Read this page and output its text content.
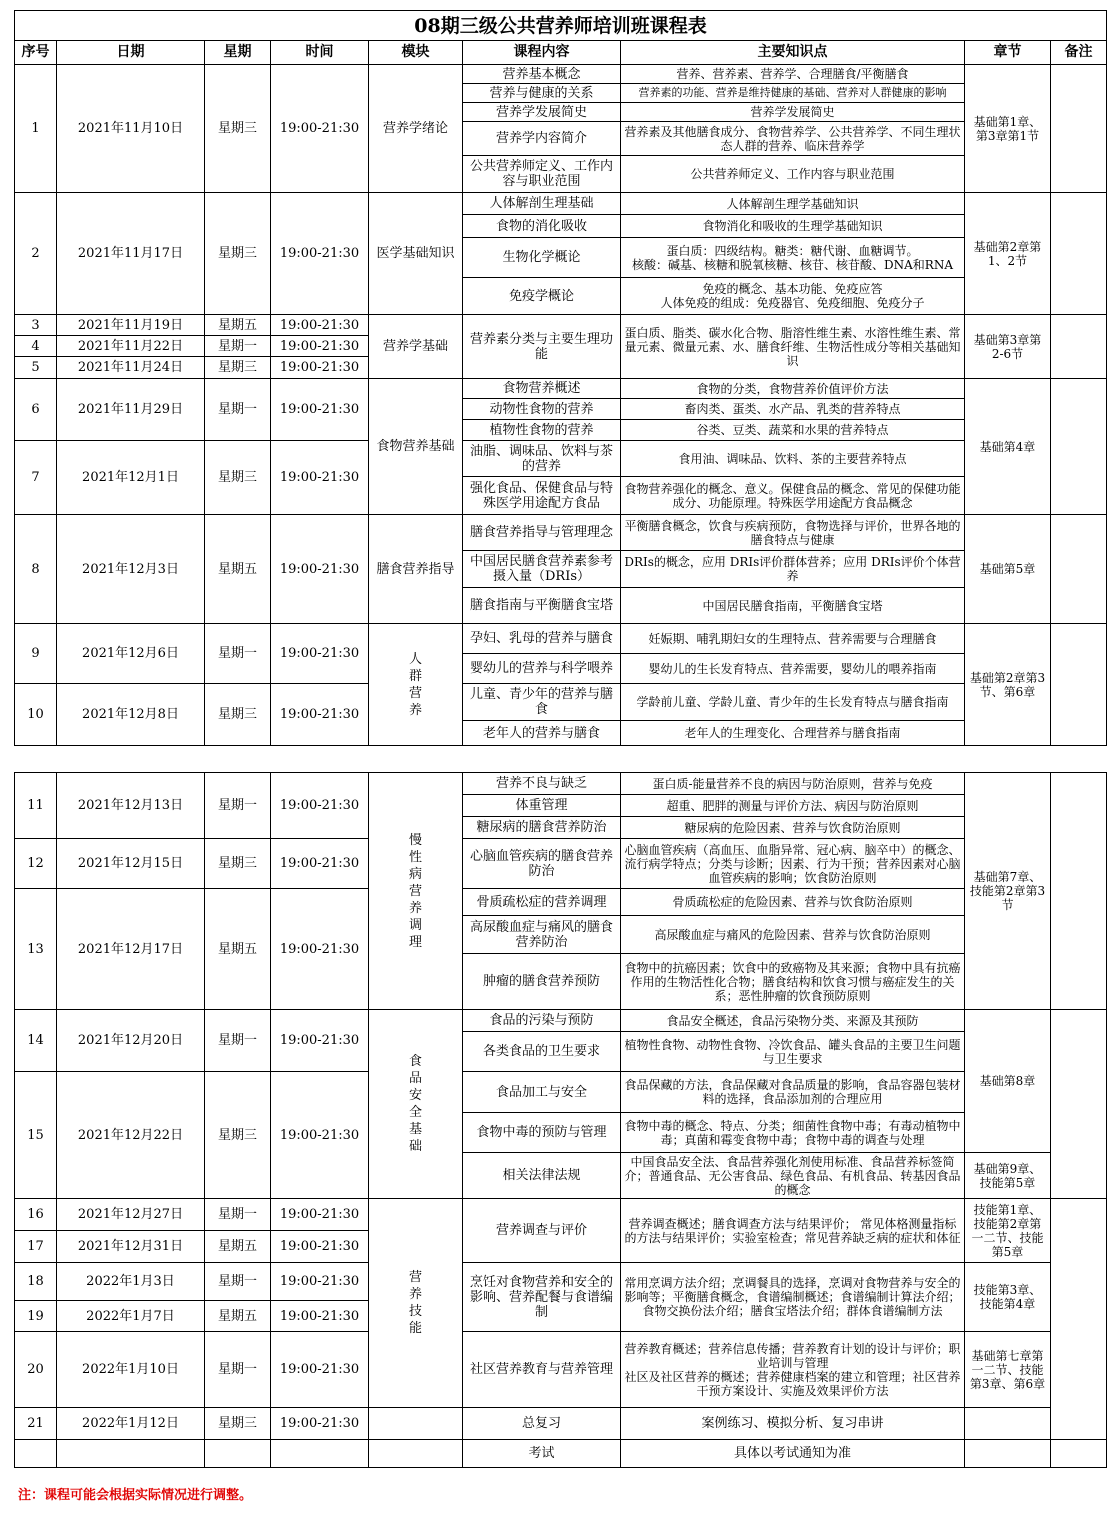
08期三级公共营养师培训班课程表								
序号	日期	星期	时间	模块	课程内容	主要知识点	章节	备注
1	2021年11月10日	星期三	19:00-21:30	营养学绪论	营养基本概念	营养、营养素、营养学、合理膳食/平衡膳食	基础第1章、第3章第1节	
					营养与健康的关系	营养素的功能、营养是维持健康的基础、营养对人群健康的影响		
					营养学发展简史	营养学发展简史		
					营养学内容简介	营养素及其他膳食成分、食物营养学、公共营养学、不同生理状态人群的营养、临床营养学		
					公共营养师定义、工作内容与职业范围	公共营养师定义、工作内容与职业范围		
2	2021年11月17日	星期三	19:00-21:30	医学基础知识	人体解剖生理基础	人体解剖生理学基础知识	基础第2章第1、2节	
					食物的消化吸收	食物消化和吸收的生理学基础知识		
					生物化学概论	蛋白质：四级结构。糖类：糖代谢、血糖调节。
核酸：碱基、核糖和脱氧核糖、核苷、核苷酸、DNA和RNA		

					免疫学概论	免疫的概念、基本功能、免疫应答
人体免疫的组成：免疫器官、免疫细胞、免疫分子		

3	2021年11月19日	星期五	19:00-21:30	营养学基础	营养素分类与主要生理功能	蛋白质、脂类、碳水化合物、脂溶性维生素、水溶性维生素、常量元素、微量元素、水、膳食纤维、生物活性成分等相关基础知识	基础第3章第2-6节	
4	2021年11月22日	星期一	19:00-21:30					
5	2021年11月24日	星期三	19:00-21:30					
6	2021年11月29日	星期一	19:00-21:30	食物营养基础	食物营养概述	食物的分类，食物营养价值评价方法	基础第4章	
					动物性食物的营养	畜肉类、蛋类、水产品、乳类的营养特点		
					植物性食物的营养	谷类、豆类、蔬菜和水果的营养特点		
7	2021年12月1日	星期三	19:00-21:30		油脂、调味品、饮料与茶的营养	食用油、调味品、饮料、茶的主要营养特点		
					强化食品、保健食品与特殊医学用途配方食品	食物营养强化的概念、意义。保健食品的概念、常见的保健功能成分、功能原理。特殊医学用途配方食品概念		
8	2021年12月3日	星期五	19:00-21:30	膳食营养指导	膳食营养指导与管理理念	平衡膳食概念，饮食与疾病预防，食物选择与评价，世界各地的膳食特点与健康	基础第5章	
					中国居民膳食营养素参考摄入量（DRIs）	DRIs的概念，应用 DRIs评价群体营养；应用 DRIs评价个体营养		
					膳食指南与平衡膳食宝塔	中国居民膳食指南，平衡膳食宝塔		
9	2021年12月6日	星期一	19:00-21:30	人群营养	孕妇、乳母的营养与膳食	妊娠期、哺乳期妇女的生理特点、营养需要与合理膳食	基础第2章第3节、第6章	
					婴幼儿的营养与科学喂养	婴幼儿的生长发育特点、营养需要，婴幼儿的喂养指南		
10	2021年12月8日	星期三	19:00-21:30		儿童、青少年的营养与膳食	学龄前儿童、学龄儿童、青少年的生长发育特点与膳食指南		
					老年人的营养与膳食	老年人的生理变化、合理营养与膳食指南		
11	2021年12月13日	星期一	19:00-21:30	慢性病营养调理	营养不良与缺乏	蛋白质-能量营养不良的病因与防治原则，营养与免疫	基础第7章、技能第2章第3节		
					体重管理	超重、肥胖的测量与评价方法、病因与防治原则			
					糖尿病的膳食营养防治	糖尿病的危险因素、营养与饮食防治原则			
12	2021年12月15日	星期三	19:00-21:30		心脑血管疾病的膳食营养防治	心脑血管疾病（高血压、血脂异常、冠心病、脑卒中）的概念、流行病学特点；分类与诊断；因素、行为干预；营养因素对心脑血管疾病的影响；饮食防治原则			
13	2021年12月17日	星期五	19:00-21:30		骨质疏松症的营养调理	骨质疏松症的危险因素、营养与饮食防治原则			
					高尿酸血症与痛风的膳食营养防治	高尿酸血症与痛风的危险因素、营养与饮食防治原则			
					肿瘤的膳食营养预防	食物中的抗癌因素；饮食中的致癌物及其来源；食物中具有抗癌作用的生物活性化合物；膳食结构和饮食习惯与癌症发生的关系；恶性肿瘤的饮食预防原则			
14	2021年12月20日	星期一	19:00-21:30	食品安全基础	食品的污染与预防	食品安全概述，食品污染物分类、来源及其预防	基础第8章		
					各类食品的卫生要求	植物性食物、动物性食物、冷饮食品、罐头食品的主要卫生问题与卫生要求			
15	2021年12月22日	星期三	19:00-21:30		食品加工与安全	食品保藏的方法，食品保藏对食品质量的影响，食品容器包装材料的选择，食品添加剂的合理应用			
					食物中毒的预防与管理	食物中毒的概念、特点、分类；细菌性食物中毒；有毒动植物中毒；真菌和霉变食物中毒；食物中毒的调查与处理			
					相关法律法规	中国食品安全法、食品营养强化剂使用标准、食品营养标签简介；普通食品、无公害食品、绿色食品、有机食品、转基因食品的概念	基础第9章、技能第5章		
16	2021年12月27日	星期一	19:00-21:30	营养技能	营养调查与评价	营养调查概述；膳食调查方法与结果评价； 常见体格测量指标的方法与结果评价；实验室检查；常见营养缺乏病的症状和体征	技能第1章、技能第2章第一二节、技能第5章		
17	2021年12月31日	星期五	19:00-21:30						
18	2022年1月3日	星期一	19:00-21:30		烹饪对食物营养和安全的影响、营养配餐与食谱编制	常用烹调方法介绍；烹调餐具的选择，烹调对食物营养与安全的影响等；平衡膳食概念，食谱编制概述；食谱编制计算法介绍；食物交换份法介绍；膳食宝塔法介绍；群体食谱编制方法	技能第3章、技能第4章		
19	2022年1月7日	星期五	19:00-21:30						
20	2022年1月10日	星期一	19:00-21:30		社区营养教育与营养管理	营养教育概述；营养信息传播；营养教育计划的设计与评价；职业培训与管理
社区及社区营养的概述；营养健康档案的建立和管理；社区营养干预方案设计、实施及效果评价方法	基础第七章第一二节、技能第3章、第6章		
21	2022年1月12日	星期三	19:00-21:30		总复习	案例练习、模拟分析、复习串讲			
					考试	具体以考试通知为准			
注：课程可能会根据实际情况进行调整。
